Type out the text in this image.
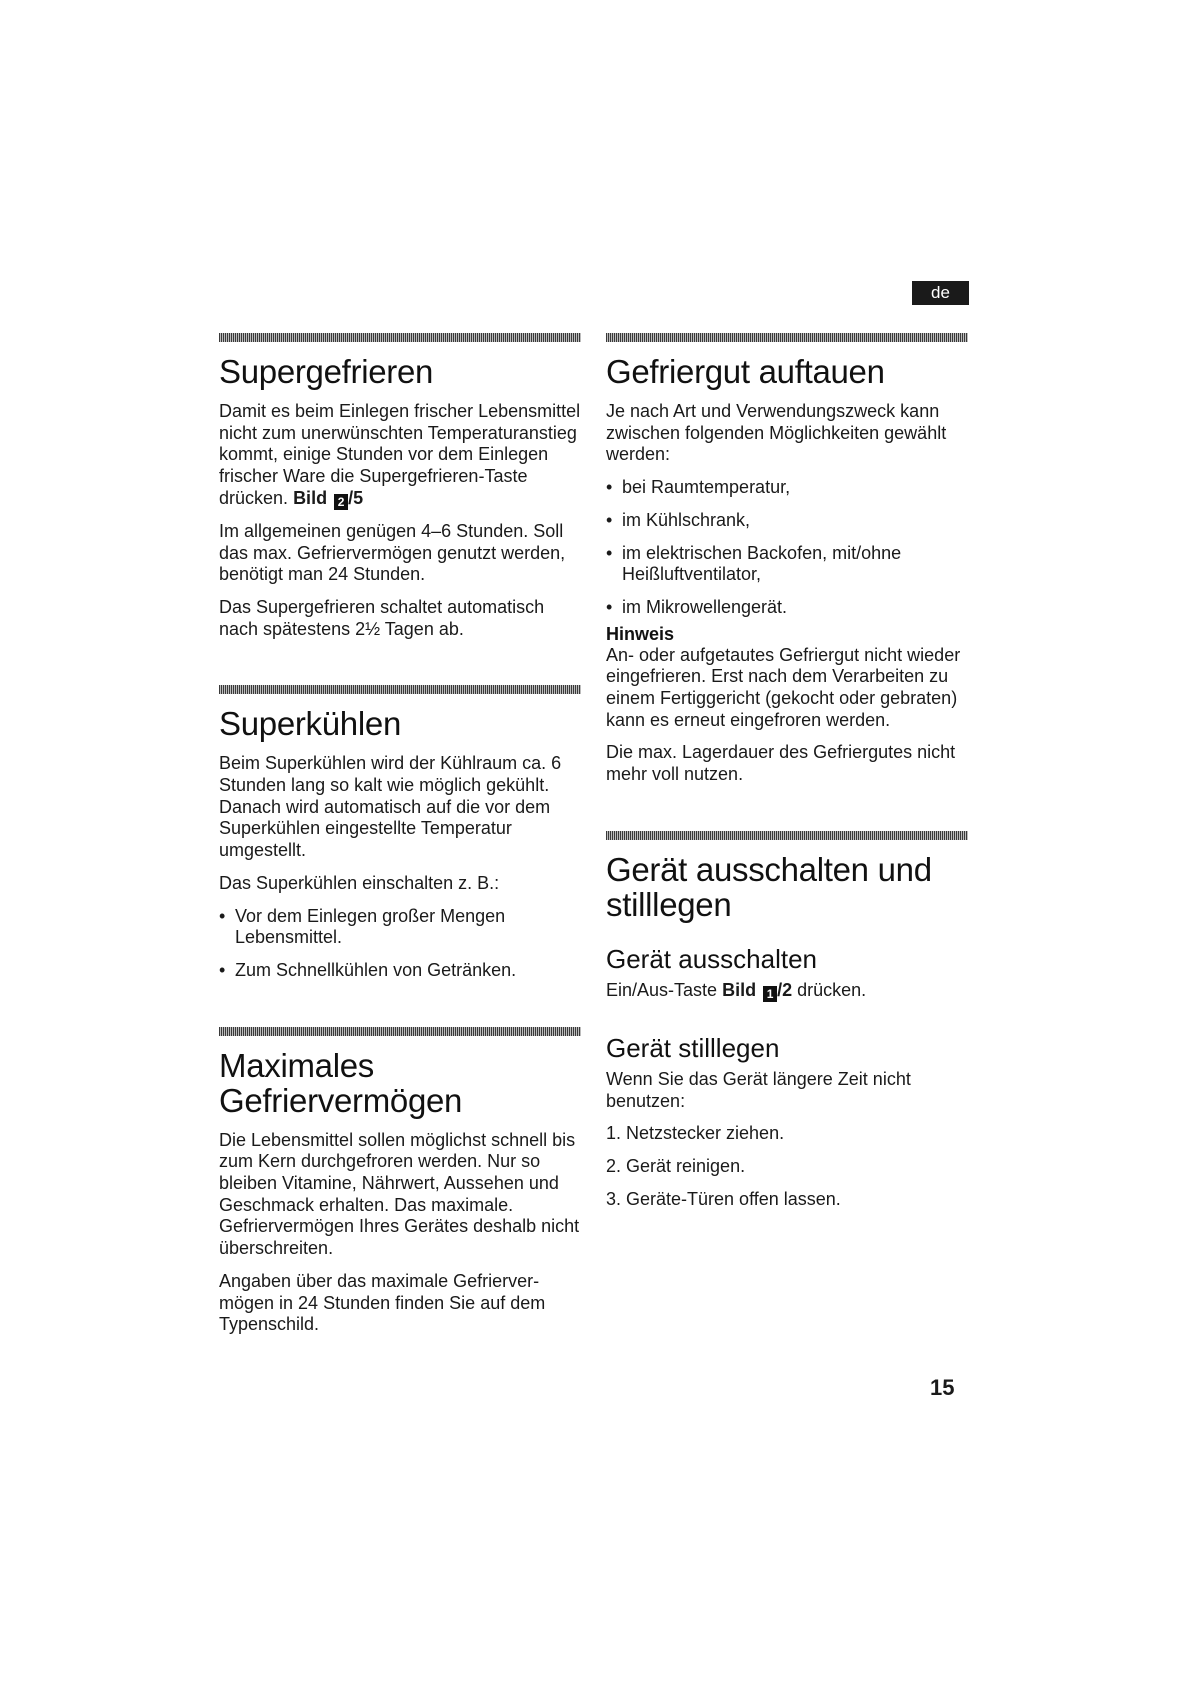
de
Supergefrieren

Damit es beim Einlegen frischer Lebensmittel nicht zum unerwünschten Temperaturanstieg kommt, einige Stunden vor dem Einlegen frischer Ware die Supergefrieren-Taste drücken. Bild 2 /5

Im allgemeinen genügen 4–6 Stunden. Soll das max. Gefriervermögen genutzt werden, benötigt man 24 Stunden.

Das Supergefrieren schaltet automatisch nach spätestens 2½ Tagen ab.

Superkühlen

Beim Superkühlen wird der Kühlraum ca. 6 Stunden lang so kalt wie möglich gekühlt. Danach wird automatisch auf die vor dem Superkühlen eingestellte Temperatur umgestellt.

Das Superkühlen einschalten z. B.:

• Vor dem Einlegen großer Mengen Lebensmittel.
• Zum Schnellkühlen von Getränken.
Maximales
Gefriervermögen

Die Lebensmittel sollen möglichst schnell bis zum Kern durchgefroren werden. Nur so bleiben Vitamine, Nährwert, Aussehen und Geschmack erhalten. Das maximale. Gefriervermögen Ihres Gerätes deshalb nicht überschreiten.

Angaben über das maximale Gefriervermögen in 24 Stunden finden Sie auf dem Typenschild.

Gefriergut auftauen

Je nach Art und Verwendungszweck kann zwischen folgenden Möglichkeiten gewählt werden:

• bei Raumtemperatur,
• im Kühlschrank,
• im elektrischen Backofen, mit/ohne Heißluftventilator,
• im Mikrowellengerät.
Hinweis

An- oder aufgetautes Gefriergut nicht wieder eingefrieren. Erst nach dem Verarbeiten zu einem Fertiggericht (gekocht oder gebraten) kann es erneut eingefroren werden.

Die max. Lagerdauer des Gefriergutes nicht mehr voll nutzen.

Gerät ausschalten und
stilllegen
Gerät ausschalten

Ein/Aus-Taste Bild 1 /2 drücken.

Gerät stilllegen

Wenn Sie das Gerät längere Zeit nicht benutzen:

1. Netzstecker ziehen.
2. Gerät reinigen.
3. Geräte-Türen offen lassen.
15
